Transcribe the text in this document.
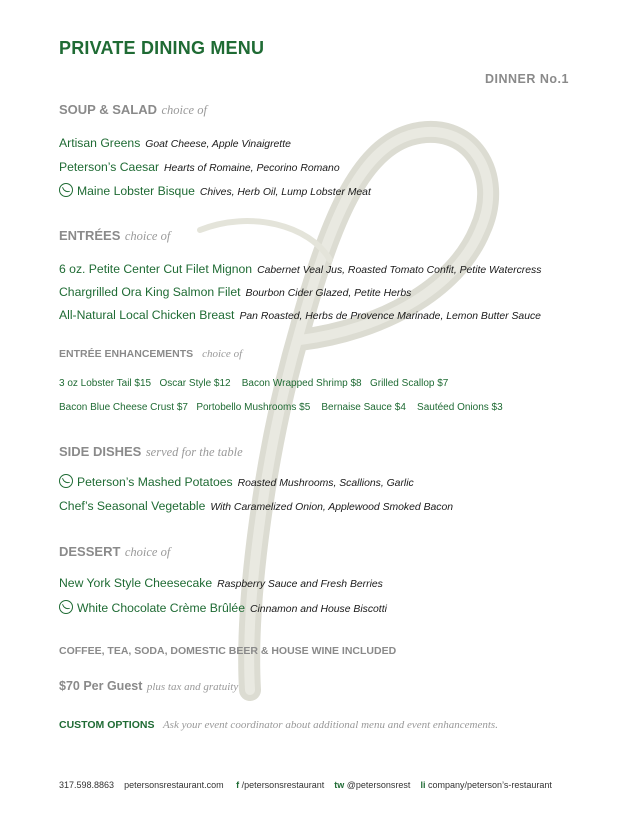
PRIVATE DINING MENU
DINNER No.1
SOUP & SALAD choice of
Artisan Greens Goat Cheese, Apple Vinaigrette
Peterson’s Caesar Hearts of Romaine, Pecorino Romano
Maine Lobster Bisque Chives, Herb Oil, Lump Lobster Meat
ENTRÉES choice of
6 oz. Petite Center Cut Filet Mignon Cabernet Veal Jus, Roasted Tomato Confit, Petite Watercress
Chargrilled Ora King Salmon Filet Bourbon Cider Glazed, Petite Herbs
All-Natural Local Chicken Breast Pan Roasted, Herbs de Provence Marinade, Lemon Butter Sauce
ENTRÉE ENHANCEMENTS choice of
3 oz Lobster Tail $15 Oscar Style $12 Bacon Wrapped Shrimp $8 Grilled Scallop $7
Bacon Blue Cheese Crust $7 Portobello Mushrooms $5 Bernaise Sauce $4 Sautéed Onions $3
SIDE DISHES served for the table
Peterson’s Mashed Potatoes Roasted Mushrooms, Scallions, Garlic
Chef’s Seasonal Vegetable With Caramelized Onion, Applewood Smoked Bacon
DESSERT choice of
New York Style Cheesecake Raspberry Sauce and Fresh Berries
White Chocolate Crème Brûlée Cinnamon and House Biscotti
COFFEE, TEA, SODA, DOMESTIC BEER & HOUSE WINE INCLUDED
$70 Per Guest plus tax and gratuity
CUSTOM OPTIONS Ask your event coordinator about additional menu and event enhancements.
317.598.8863 petersonsrestaurant.com f /petersonsrestaurant tw @petersonsrest li company/peterson’s-restaurant
